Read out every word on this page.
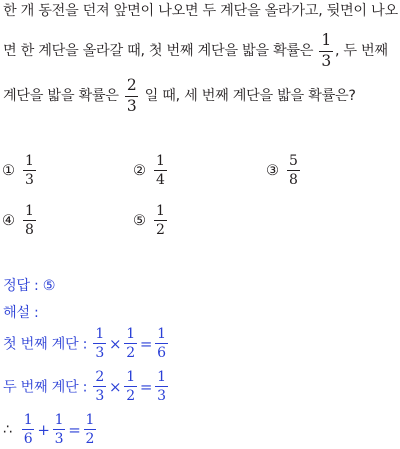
한 개 동전을 던져 앞면이 나오면 두 계단을 올라가고, 뒷면이 나오
면 한 계단을 올라갈 때, 첫 번째 계단을 밟을 확률은 $\frac{1}{3}$ , 두 번째
계단을 밟을 확률은 $\frac{2}{3}$ 일 때, 세 번째 계단을 밟을 확률은?
① $\frac{1}{3}$	② $\frac{1}{4}$	③ $\frac{5}{8}$
④ $\frac{1}{8}$	⑤ $\frac{1}{2}$
정답 : ⑤
해설 :
첫 번째 계단 : $\frac{1}{3} \times \frac{1}{2} = \frac{1}{6}$
두 번째 계단 : $\frac{2}{3} \times \frac{1}{2} = \frac{1}{3}$
∴ $\frac{1}{6} + \frac{1}{3} = \frac{1}{2}$
